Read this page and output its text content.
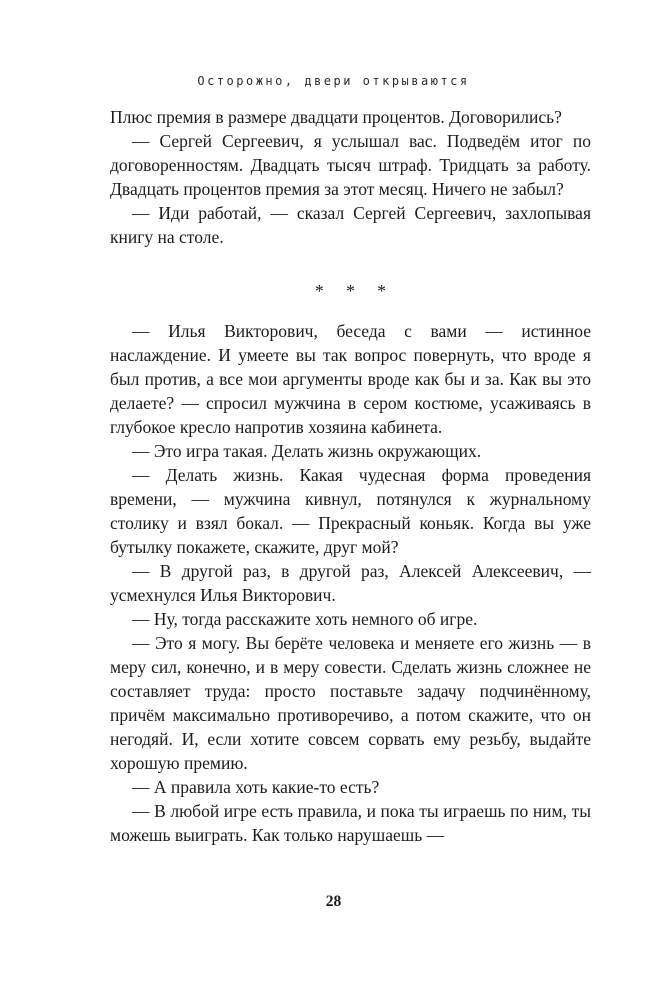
Осторожно, двери открываются

Плюс премия в размере двадцати процентов. Договорились?

— Сергей Сергеевич, я услышал вас. Подведём итог по договоренностям. Двадцать тысяч штраф. Тридцать за работу. Двадцать процентов премия за этот месяц. Ничего не забыл?

— Иди работай, — сказал Сергей Сергеевич, захлопывая книгу на столе.

* * *

— Илья Викторович, беседа с вами — истинное наслаждение. И умеете вы так вопрос повернуть, что вроде я был против, а все мои аргументы вроде как бы и за. Как вы это делаете? — спросил мужчина в сером костюме, усаживаясь в глубокое кресло напротив хозяина кабинета.

— Это игра такая. Делать жизнь окружающих.

— Делать жизнь. Какая чудесная форма проведения времени, — мужчина кивнул, потянулся к журнальному столику и взял бокал. — Прекрасный коньяк. Когда вы уже бутылку покажете, скажите, друг мой?

— В другой раз, в другой раз, Алексей Алексеевич, — усмехнулся Илья Викторович.

— Ну, тогда расскажите хоть немного об игре.

— Это я могу. Вы берёте человека и меняете его жизнь — в меру сил, конечно, и в меру совести. Сделать жизнь сложнее не составляет труда: просто поставьте задачу подчинённому, причём максимально противоречиво, а потом скажите, что он негодяй. И, если хотите совсем сорвать ему резьбу, выдайте хорошую премию.

— А правила хоть какие-то есть?

— В любой игре есть правила, и пока ты играешь по ним, ты можешь выиграть. Как только нарушаешь —

28
